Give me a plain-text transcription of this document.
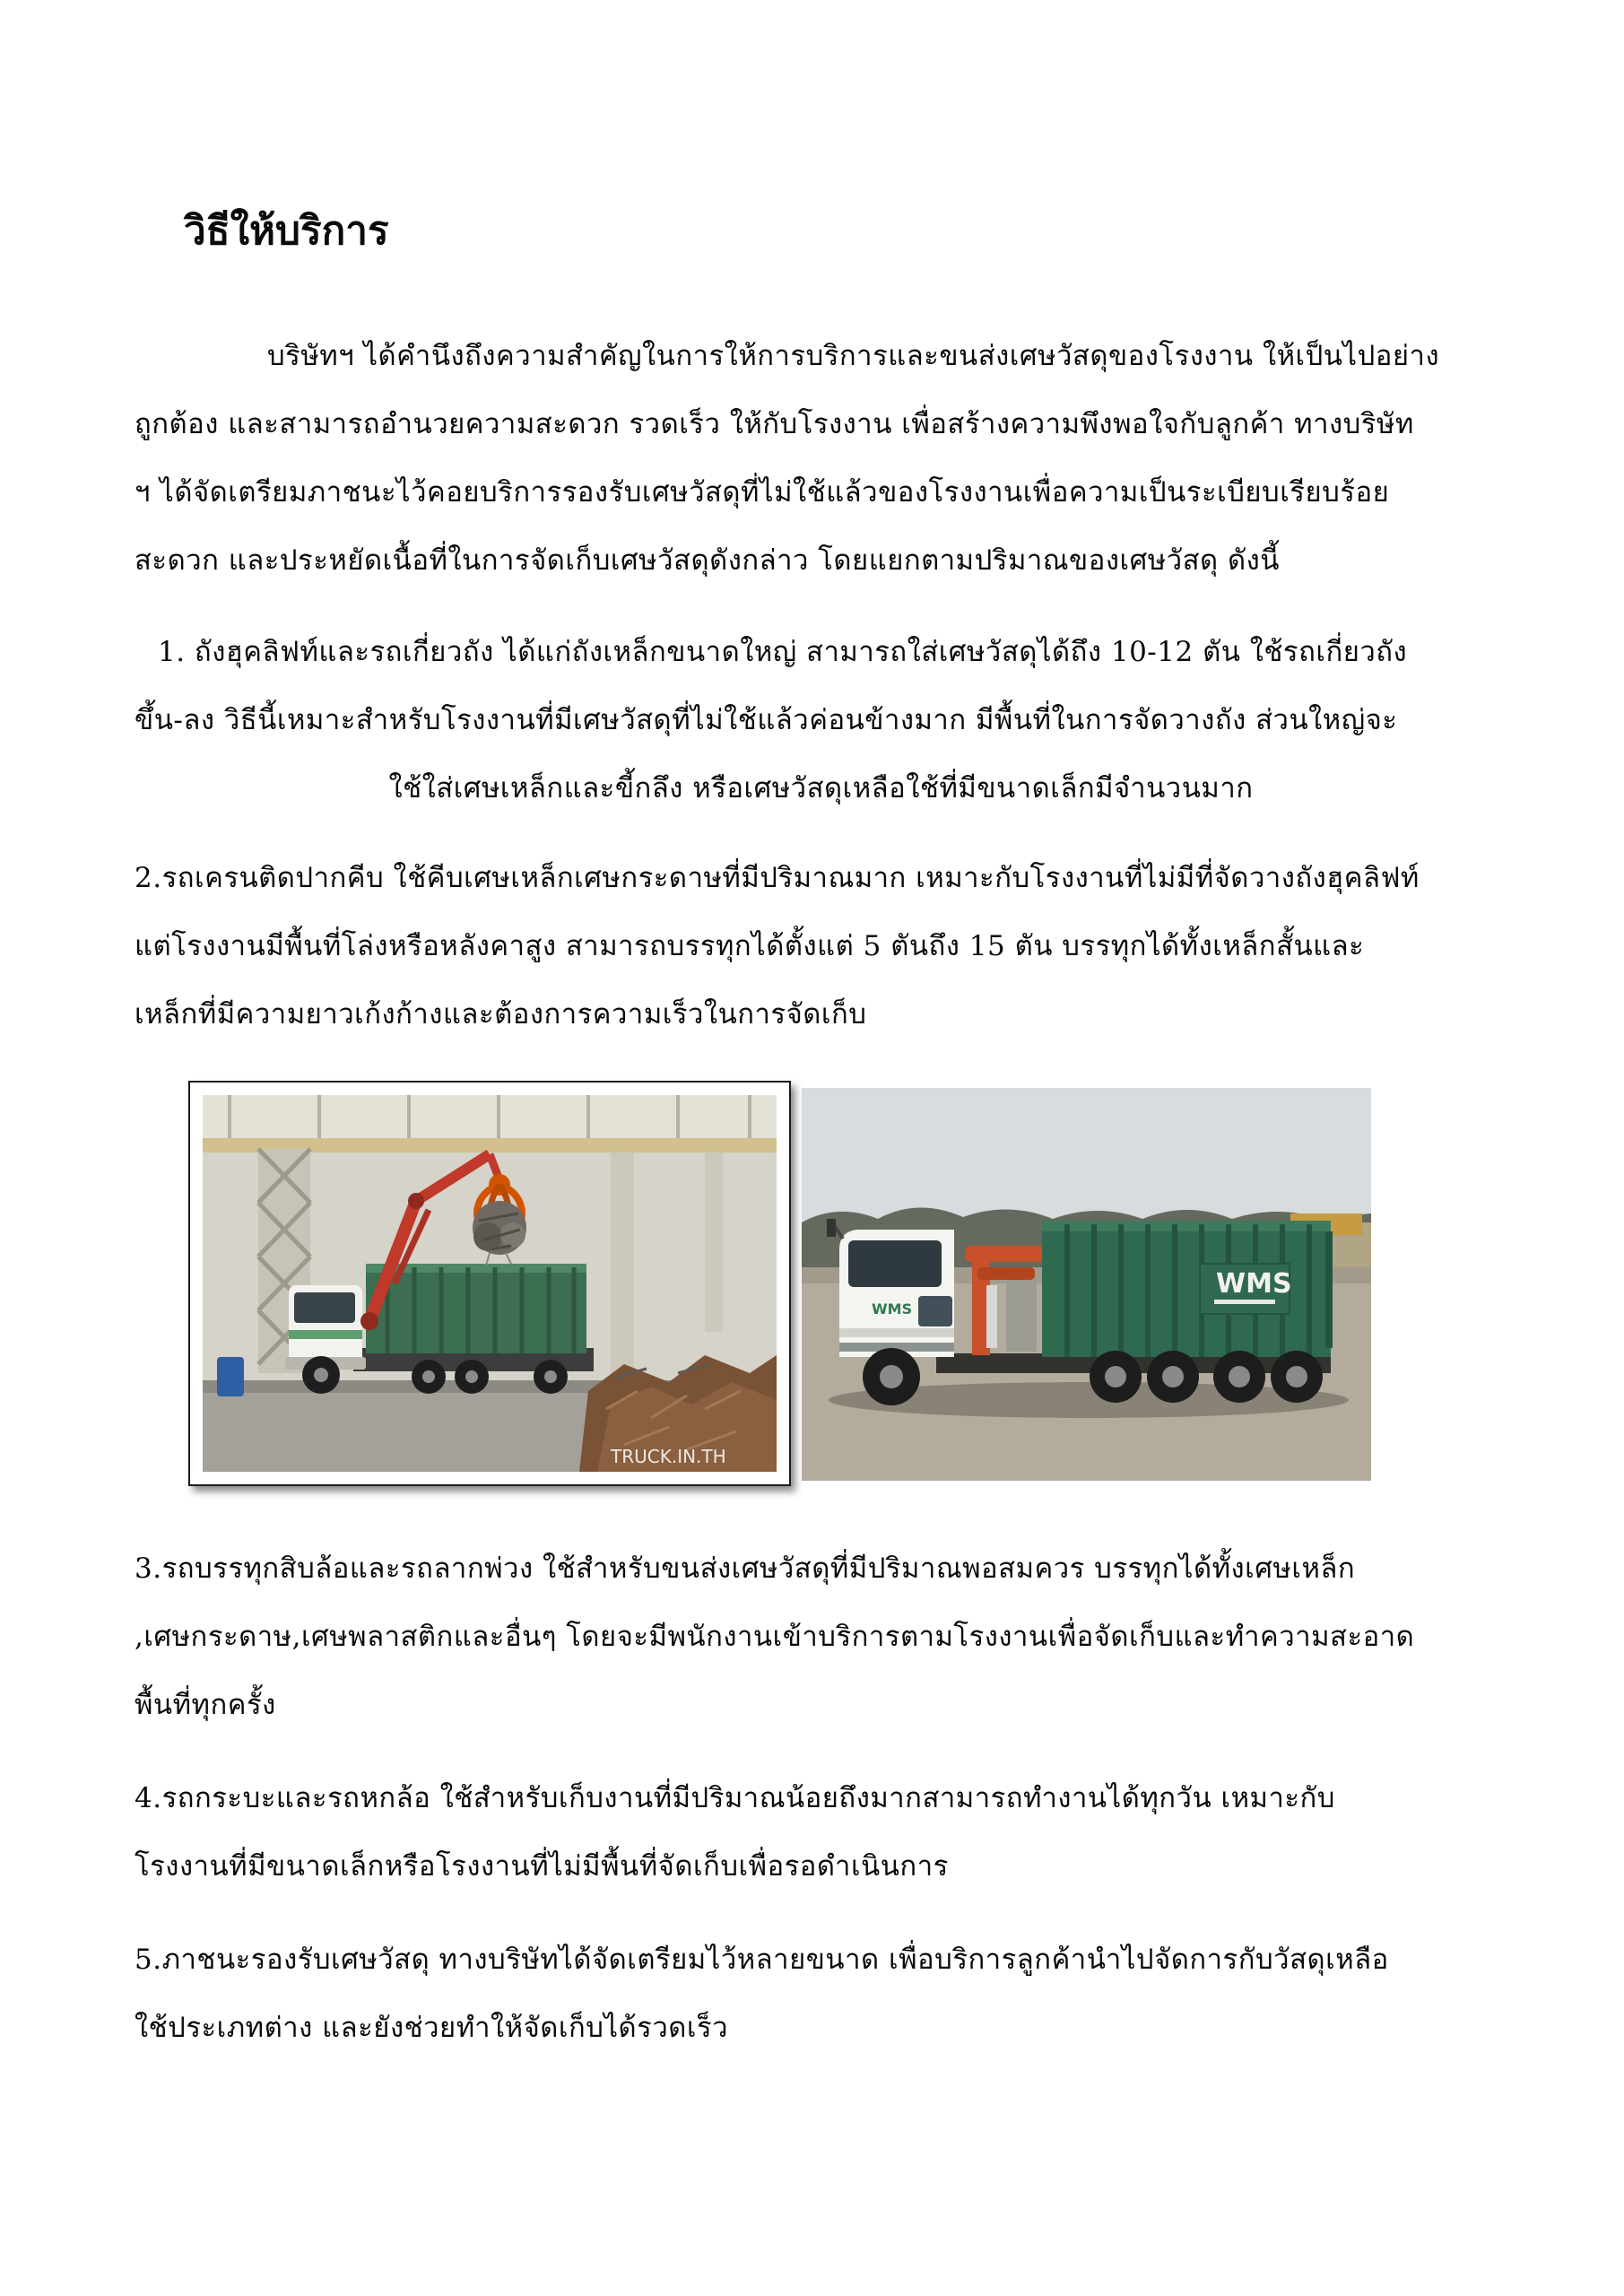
วิธีให้บริการ
บริษัทฯ ได้คำนึงถึงความสำคัญในการให้การบริการและขนส่งเศษวัสดุของโรงงาน ให้เป็นไปอย่าง
ถูกต้อง และสามารถอำนวยความสะดวก รวดเร็ว ให้กับโรงงาน เพื่อสร้างความพึงพอใจกับลูกค้า ทางบริษัท
ฯ ได้จัดเตรียมภาชนะไว้คอยบริการรองรับเศษวัสดุที่ไม่ใช้แล้วของโรงงานเพื่อความเป็นระเบียบเรียบร้อย
สะดวก และประหยัดเนื้อที่ในการจัดเก็บเศษวัสดุดังกล่าว โดยแยกตามปริมาณของเศษวัสดุ ดังนี้
1. ถังฮุคลิฟท์และรถเกี่ยวถัง ได้แก่ถังเหล็กขนาดใหญ่ สามารถใส่เศษวัสดุได้ถึง 10-12 ตัน ใช้รถเกี่ยวถัง
ขึ้น-ลง วิธีนี้เหมาะสำหรับโรงงานที่มีเศษวัสดุที่ไม่ใช้แล้วค่อนข้างมาก มีพื้นที่ในการจัดวางถัง ส่วนใหญ่จะ
ใช้ใส่เศษเหล็กและขี้กลึง หรือเศษวัสดุเหลือใช้ที่มีขนาดเล็กมีจำนวนมาก
2.รถเครนติดปากคีบ ใช้คีบเศษเหล็กเศษกระดาษที่มีปริมาณมาก เหมาะกับโรงงานที่ไม่มีที่จัดวางถังฮุคลิฟท์
แต่โรงงานมีพื้นที่โล่งหรือหลังคาสูง สามารถบรรทุกได้ตั้งแต่ 5 ตันถึง 15 ตัน บรรทุกได้ทั้งเหล็กสั้นและ
เหล็กที่มีความยาวเก้งก้างและต้องการความเร็วในการจัดเก็บ
TRUCK.IN.TH
WMS
WMS
3.รถบรรทุกสิบล้อและรถลากพ่วง ใช้สำหรับขนส่งเศษวัสดุที่มีปริมาณพอสมควร บรรทุกได้ทั้งเศษเหล็ก
,เศษกระดาษ,เศษพลาสติกและอื่นๆ โดยจะมีพนักงานเข้าบริการตามโรงงานเพื่อจัดเก็บและทำความสะอาด
พื้นที่ทุกครั้ง
4.รถกระบะและรถหกล้อ ใช้สำหรับเก็บงานที่มีปริมาณน้อยถึงมากสามารถทำงานได้ทุกวัน เหมาะกับ
โรงงานที่มีขนาดเล็กหรือโรงงานที่ไม่มีพื้นที่จัดเก็บเพื่อรอดำเนินการ
5.ภาชนะรองรับเศษวัสดุ ทางบริษัทได้จัดเตรียมไว้หลายขนาด เพื่อบริการลูกค้านำไปจัดการกับวัสดุเหลือ
ใช้ประเภทต่าง และยังช่วยทำให้จัดเก็บได้รวดเร็ว
